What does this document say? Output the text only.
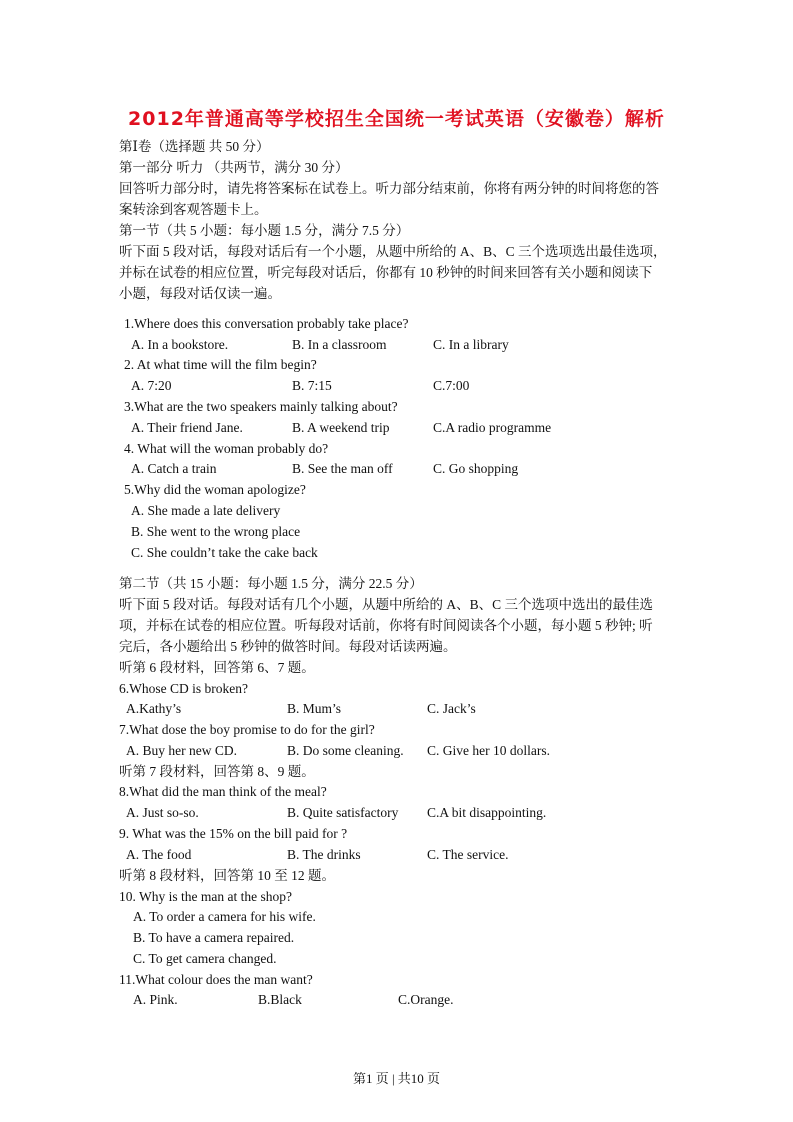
2012年普通高等学校招生全国统一考试英语（安徽卷）解析
第Ⅰ卷（选择题 共 50 分）
第一部分 听力 （共两节，满分 30 分）
回答听力部分时，请先将答案标在试卷上。听力部分结束前，你将有两分钟的时间将您的答
案转涂到客观答题卡上。
第一节（共 5 小题：每小题 1.5 分，满分 7.5 分）
听下面 5 段对话，每段对话后有一个小题，从题中所给的 A、B、C 三个选项选出最佳选项，
并标在试卷的相应位置，听完每段对话后，你都有 10 秒钟的时间来回答有关小题和阅读下
小题，每段对话仅读一遍。
1.Where does this conversation probably take place?
A. In a bookstore.	B. In a classroom	C. In a library
2. At what time will the film begin?
A. 7:20	B. 7:15	C.7:00
3.What are the two speakers mainly talking about?
A. Their friend Jane.	B. A weekend trip	C.A radio programme
4. What will the woman probably do?
A. Catch a train	B. See the man off	C. Go shopping
5.Why did the woman apologize?
A. She made a late delivery
B. She went to the wrong place
C. She couldn’t take the cake back
第二节（共 15 小题：每小题 1.5 分，满分 22.5 分）
听下面 5 段对话。每段对话有几个小题，从题中所给的 A、B、C 三个选项中选出的最佳选
项，并标在试卷的相应位置。听每段对话前，你将有时间阅读各个小题，每小题 5 秒钟; 听
完后，各小题给出 5 秒钟的做答时间。每段对话读两遍。
听第 6 段材料，回答第 6、7 题。
6.Whose CD is broken?
A.Kathy’s	B. Mum’s	C. Jack’s
7.What dose the boy promise to do for the girl?
A. Buy her new CD.	B. Do some cleaning. C. Give her 10 dollars.
听第 7 段材料，回答第 8、9 题。
8.What did the man think of the meal?
A. Just so-so.	B. Quite satisfactory C.A bit disappointing.
9. What was the 15% on the bill paid for ?
A. The food	B. The drinks	C. The service.
听第 8 段材料，回答第 10 至 12 题。
10. Why is the man at the shop?
A. To order a camera for his wife.
B. To have a camera repaired.
C. To get camera changed.
11.What colour does the man want?
A. Pink.	B.Black	C.Orange.
第1 页 | 共10 页
